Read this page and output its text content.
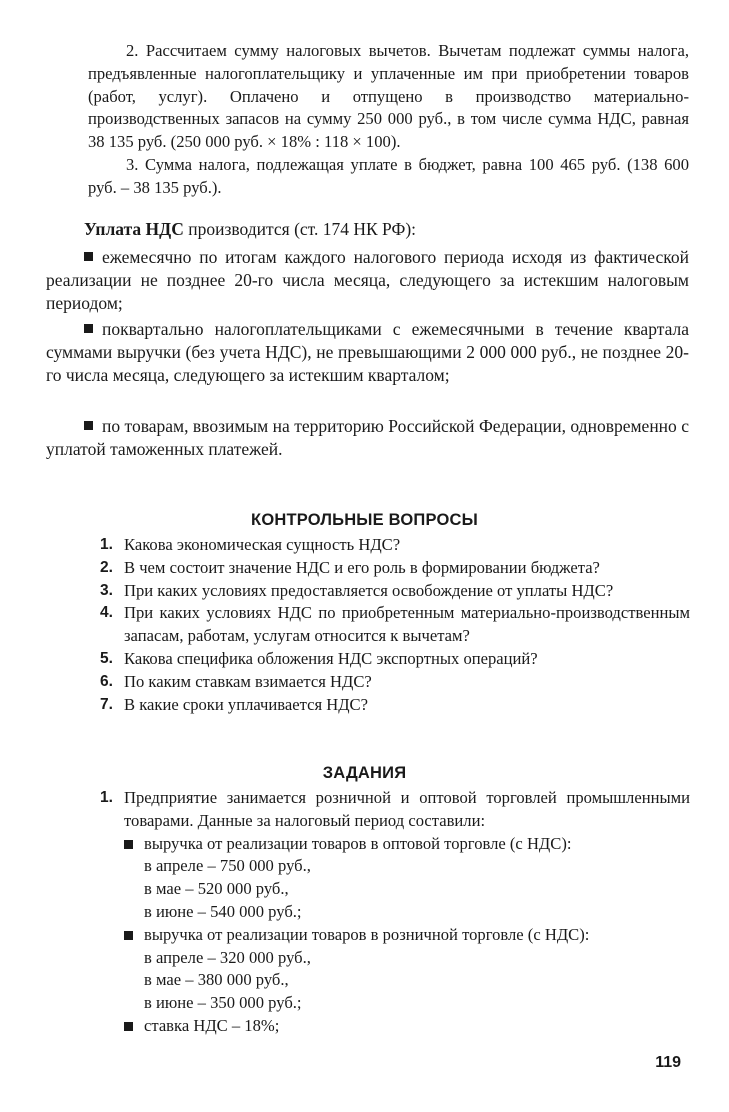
2. Рассчитаем сумму налоговых вычетов. Вычетам подлежат суммы налога, предъявленные налогоплательщику и уплаченные им при приобретении товаров (работ, услуг). Оплачено и отпущено в производство материально-производственных запасов на сумму 250 000 руб., в том числе сумма НДС, равная 38 135 руб. (250 000 руб. × 18% : 118 × 100).

3. Сумма налога, подлежащая уплате в бюджет, равна 100 465 руб. (138 600 руб. – 38 135 руб.).

Уплата НДС производится (ст. 174 НК РФ):

ежемесячно по итогам каждого налогового периода исходя из фактической реализации не позднее 20-го числа месяца, следующего за истекшим налоговым периодом;

поквартально налогоплательщиками с ежемесячными в течение квартала суммами выручки (без учета НДС), не превышающими 2 000 000 руб., не позднее 20-го числа месяца, следующего за истекшим кварталом;

по товарам, ввозимым на территорию Российской Федерации, одновременно с уплатой таможенных платежей.

КОНТРОЛЬНЫЕ ВОПРОСЫ
1. Какова экономическая сущность НДС?
2. В чем состоит значение НДС и его роль в формировании бюджета?
3. При каких условиях предоставляется освобождение от уплаты НДС?
4. При каких условиях НДС по приобретенным материально-производственным запасам, работам, услугам относится к вычетам?
5. Какова специфика обложения НДС экспортных операций?
6. По каким ставкам взимается НДС?
7. В какие сроки уплачивается НДС?
ЗАДАНИЯ
1. Предприятие занимается розничной и оптовой торговлей промышленными товарами. Данные за налоговый период составили:
выручка от реализации товаров в оптовой торговле (с НДС):
в апреле – 750 000 руб.,
в мае – 520 000 руб.,
в июне – 540 000 руб.;
выручка от реализации товаров в розничной торговле (с НДС):
в апреле – 320 000 руб.,
в мае – 380 000 руб.,
в июне – 350 000 руб.;
ставка НДС – 18%;
119
